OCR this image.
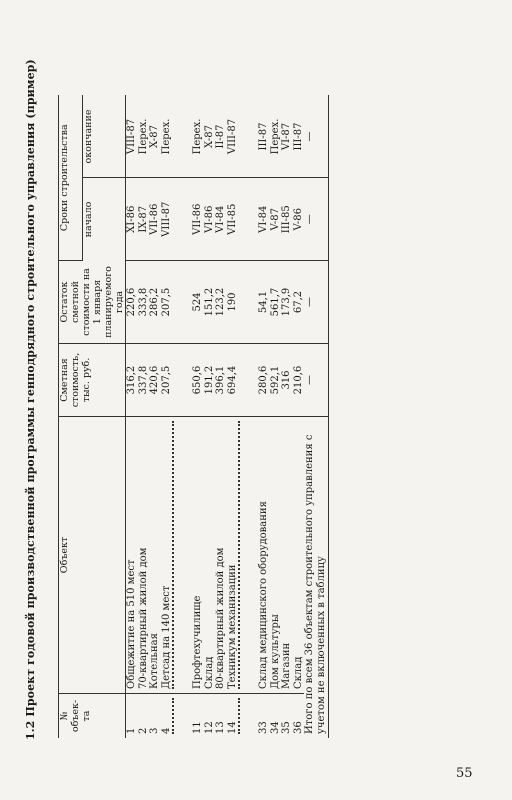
1.2 Проект годовой производственной программы генподрядного строительного управления (пример) № объек-та	Объект	Сметная стоимость, тыс. руб.	Остаток сметной стоимости на 1 января планируемого года	Сроки строительства	
				начало	окончание
1	Общежитие на 510 мест	316,2	220,6	XI-86	VIII-87
2	70-квартирный жилой дом	337,8	333,8	IX-87	Перех.
3	Котельная	420,6	286,2	VII-86	X-87
4	Детсад на 140 мест	207,5	207,5	VIII-87	Перех.

11	Профтехучилище	650,6	524	VII-86	Перех.
12	Склад	191,2	151,2	VI-86	X-87
13	80-квартирный жилой дом	396,1	123,2	VI-84	II-87
14	Техникум механизации	694,4	190	VII-85	VIII-87

33	Склад медицинского оборудования	280,6	54,1	VI-84	III-87
34	Дом культуры	592,1	561,7	V-87	Перех.
35	Магазин	316	173,9	III-85	VI-87
36	Склад	210,6	67,2	V-86	III-87
Итого по всем 36 объектам строительного управления с учетом не включенных в таблицу		—	—	—	—
55
